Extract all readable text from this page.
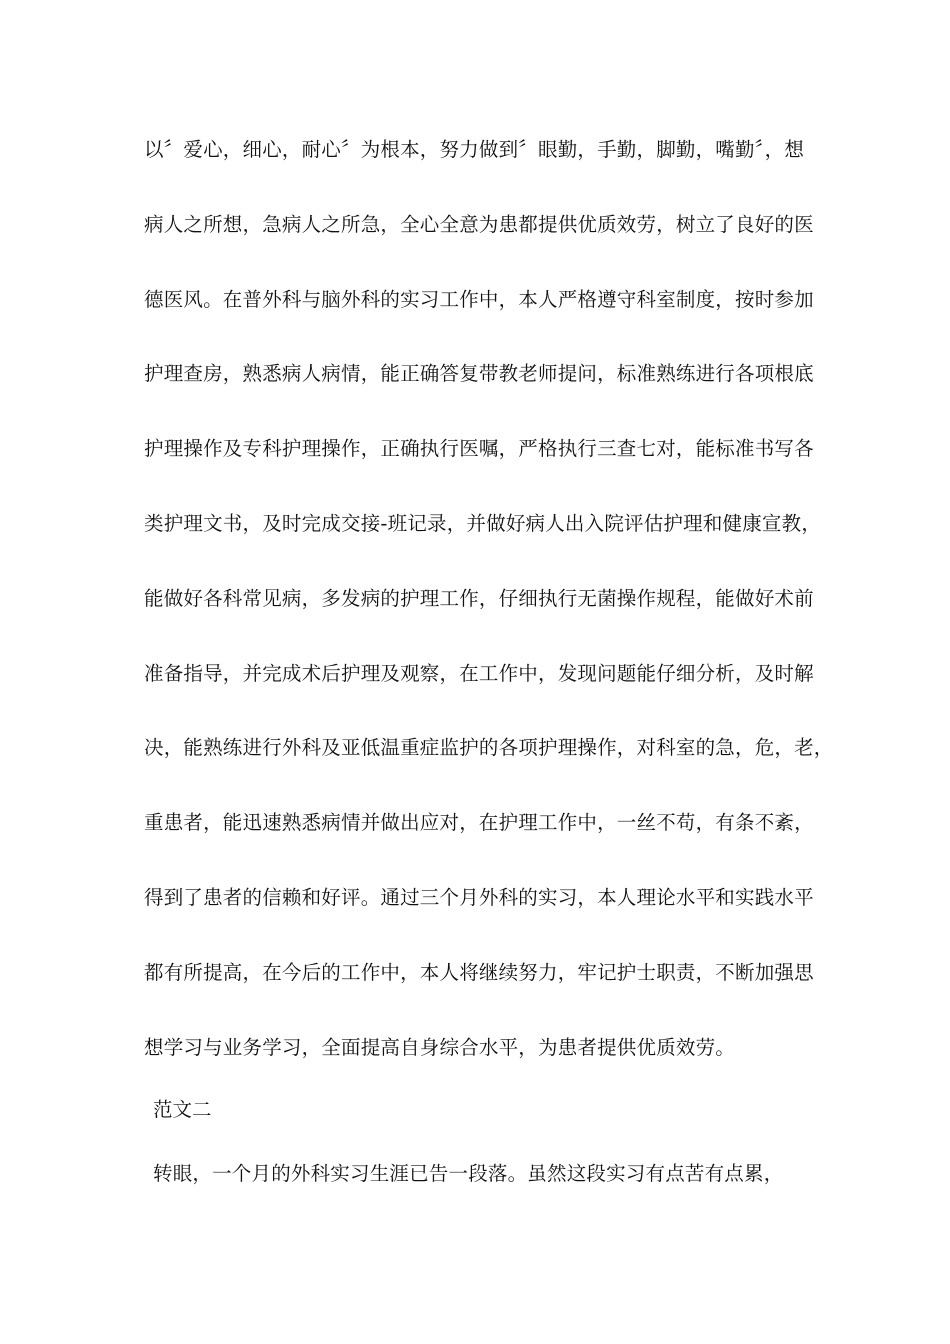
以〞爱心，细心，耐心〞为根本，努力做到〞眼勤，手勤，脚勤，嘴勤〞，想
病人之所想，急病人之所急，全心全意为患都提供优质效劳，树立了良好的医
德医风。在普外科与脑外科的实习工作中，本人严格遵守科室制度，按时参加
护理查房，熟悉病人病情，能正确答复带教老师提问，标准熟练进行各项根底
护理操作及专科护理操作，正确执行医嘱，严格执行三查七对，能标准书写各
类护理文书，及时完成交接-班记录，并做好病人出入院评估护理和健康宣教，
能做好各科常见病，多发病的护理工作，仔细执行无菌操作规程，能做好术前
准备指导，并完成术后护理及观察，在工作中，发现问题能仔细分析，及时解
决，能熟练进行外科及亚低温重症监护的各项护理操作，对科室的急，危，老，
重患者，能迅速熟悉病情并做出应对，在护理工作中，一丝不苟，有条不紊，
得到了患者的信赖和好评。通过三个月外科的实习，本人理论水平和实践水平
都有所提高，在今后的工作中，本人将继续努力，牢记护士职责，不断加强思
想学习与业务学习，全面提高自身综合水平，为患者提供优质效劳。
范文二
转眼，一个月的外科实习生涯已告一段落。虽然这段实习有点苦有点累，
